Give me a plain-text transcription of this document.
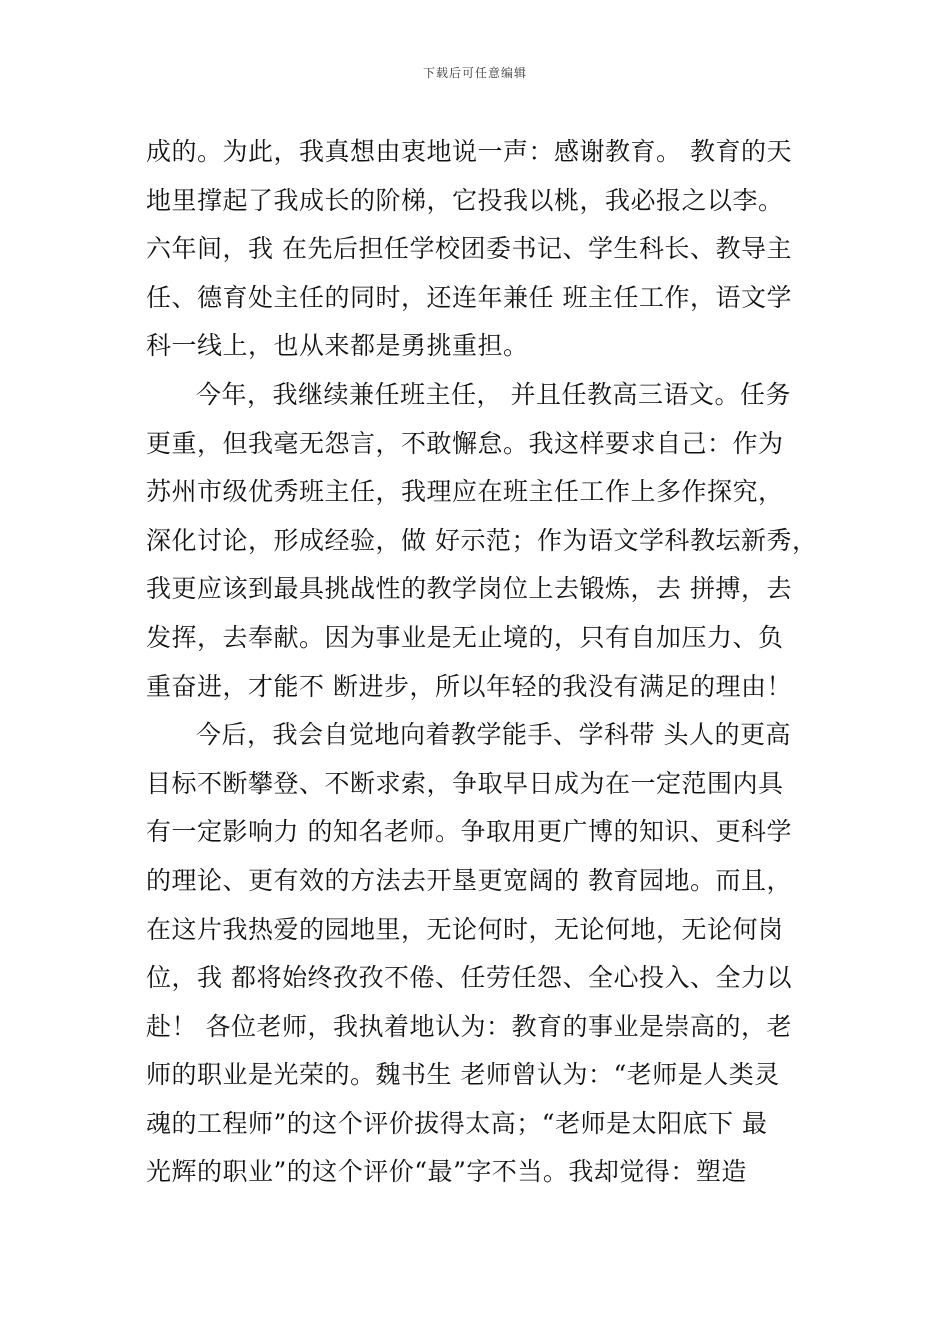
下载后可任意编辑
成的。为此，我真想由衷地说一声：感谢教育。 教育的天
地里撑起了我成长的阶梯，它投我以桃，我必报之以李。
六年间，我 在先后担任学校团委书记、学生科长、教导主
任、德育处主任的同时，还连年兼任 班主任工作，语文学
科一线上，也从来都是勇挑重担。
今年，我继续兼任班主任， 并且任教高三语文。任务
更重，但我毫无怨言，不敢懈怠。我这样要求自己：作为
苏州市级优秀班主任，我理应在班主任工作上多作探究，
深化讨论，形成经验，做 好示范；作为语文学科教坛新秀，
我更应该到最具挑战性的教学岗位上去锻炼，去 拼搏，去
发挥，去奉献。因为事业是无止境的，只有自加压力、负
重奋进，才能不 断进步，所以年轻的我没有满足的理由！
今后，我会自觉地向着教学能手、学科带 头人的更高
目标不断攀登、不断求索，争取早日成为在一定范围内具
有一定影响力 的知名老师。争取用更广博的知识、更科学
的理论、更有效的方法去开垦更宽阔的 教育园地。而且，
在这片我热爱的园地里，无论何时，无论何地，无论何岗
位，我 都将始终孜孜不倦、任劳任怨、全心投入、全力以
赴！ 各位老师，我执着地认为：教育的事业是崇高的，老
师的职业是光荣的。魏书生 老师曾认为：“老师是人类灵
魂的工程师”的这个评价拔得太高；“老师是太阳底下 最
光辉的职业”的这个评价“最”字不当。我却觉得：塑造
